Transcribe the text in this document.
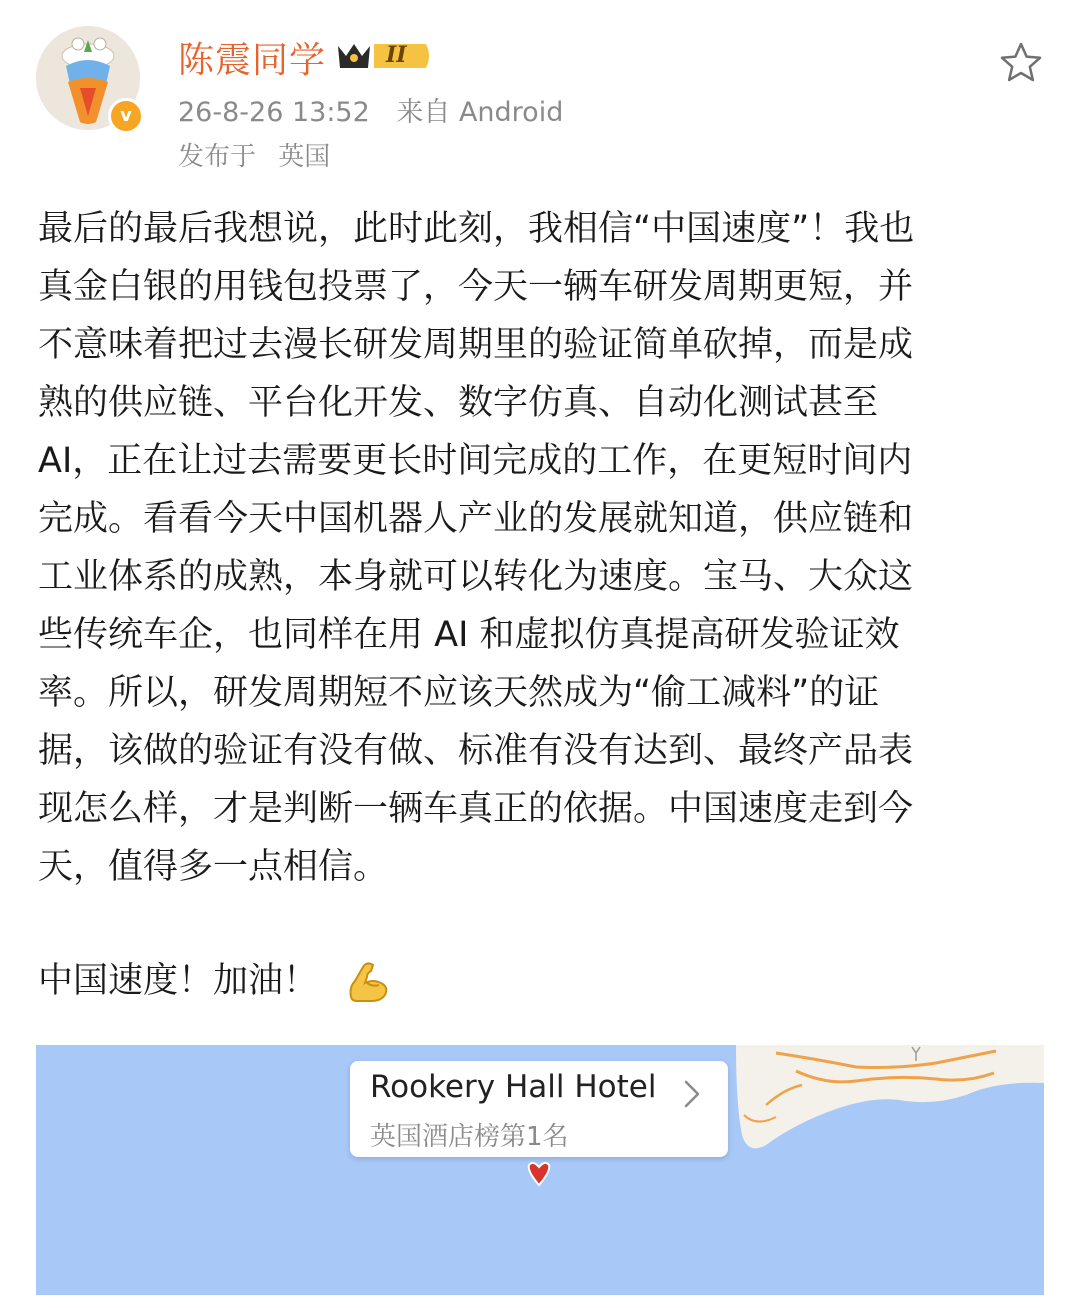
v
陈震同学	II
26-8-26 13:52 来自 Android
发布于 英国

最后的最后我想说，此时此刻，我相信“中国速度”！我也

真金白银的用钱包投票了，今天一辆车研发周期更短，并

不意味着把过去漫长研发周期里的验证简单砍掉，而是成

熟的供应链、平台化开发、数字仿真、自动化测试甚至

AI，正在让过去需要更长时间完成的工作，在更短时间内

完成。看看今天中国机器人产业的发展就知道，供应链和

工业体系的成熟，本身就可以转化为速度。宝马、大众这

些传统车企，也同样在用 AI 和虚拟仿真提高研发验证效

率。所以，研发周期短不应该天然成为“偷工减料”的证

据，该做的验证有没有做、标准有没有达到、最终产品表

现怎么样，才是判断一辆车真正的依据。中国速度走到今

天，值得多一点相信。

中国速度！加油！
Rookery Hall Hotel
英国酒店榜第1名
